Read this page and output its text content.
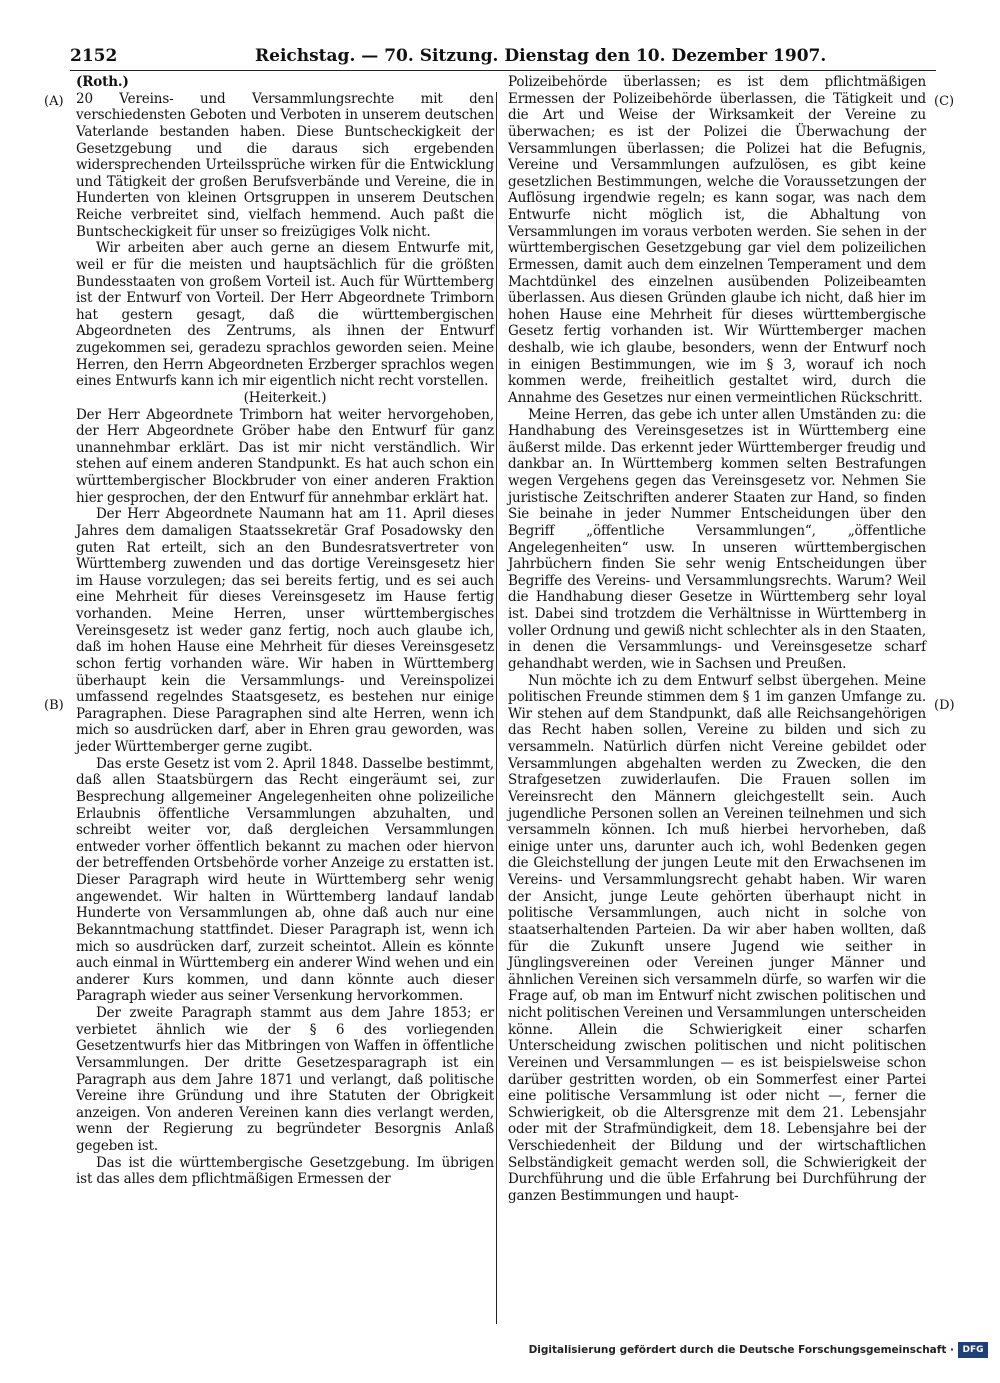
2152	Reichstag. — 70. Sitzung. Dienstag den 10. Dezember 1907.
(A)
(B)
(C)
(D)

(Roth.)

20 Vereins- und Versammlungsrechte mit den verschiedensten Geboten und Verboten in unserem deutschen Vaterlande bestanden haben. Diese Buntscheckigkeit der Gesetzgebung und die daraus sich ergebenden widersprechenden Urteilssprüche wirken für die Entwicklung und Tätigkeit der großen Berufsverbände und Vereine, die in Hunderten von kleinen Ortsgruppen in unserem Deutschen Reiche verbreitet sind, vielfach hemmend. Auch paßt die Buntscheckigkeit für unser so freizügiges Volk nicht.

Wir arbeiten aber auch gerne an diesem Entwurfe mit, weil er für die meisten und hauptsächlich für die größten Bundesstaaten von großem Vorteil ist. Auch für Württemberg ist der Entwurf von Vorteil. Der Herr Abgeordnete Trimborn hat gestern gesagt, daß die württembergischen Abgeordneten des Zentrums, als ihnen der Entwurf zugekommen sei, geradezu sprachlos geworden seien. Meine Herren, den Herrn Abgeordneten Erzberger sprachlos wegen eines Entwurfs kann ich mir eigentlich nicht recht vorstellen.

(Heiterkeit.)

Der Herr Abgeordnete Trimborn hat weiter hervorgehoben, der Herr Abgeordnete Gröber habe den Entwurf für ganz unannehmbar erklärt. Das ist mir nicht verständlich. Wir stehen auf einem anderen Standpunkt. Es hat auch schon ein württembergischer Blockbruder von einer anderen Fraktion hier gesprochen, der den Entwurf für annehmbar erklärt hat.

Der Herr Abgeordnete Naumann hat am 11. April dieses Jahres dem damaligen Staatssekretär Graf Posadowsky den guten Rat erteilt, sich an den Bundesratsvertreter von Württemberg zuwenden und das dortige Vereinsgesetz hier im Hause vorzulegen; das sei bereits fertig, und es sei auch eine Mehrheit für dieses Vereinsgesetz im Hause fertig vorhanden. Meine Herren, unser württembergisches Vereinsgesetz ist weder ganz fertig, noch auch glaube ich, daß im hohen Hause eine Mehrheit für dieses Vereinsgesetz schon fertig vorhanden wäre. Wir haben in Württemberg überhaupt kein die Versammlungs- und Vereinspolizei umfassend regelndes Staatsgesetz, es bestehen nur einige Paragraphen. Diese Paragraphen sind alte Herren, wenn ich mich so ausdrücken darf, aber in Ehren grau geworden, was jeder Württemberger gerne zugibt.

Das erste Gesetz ist vom 2. April 1848. Dasselbe bestimmt, daß allen Staatsbürgern das Recht eingeräumt sei, zur Besprechung allgemeiner Angelegenheiten ohne polizeiliche Erlaubnis öffentliche Versammlungen abzuhalten, und schreibt weiter vor, daß dergleichen Versammlungen entweder vorher öffentlich bekannt zu machen oder hiervon der betreffenden Ortsbehörde vorher Anzeige zu erstatten ist. Dieser Paragraph wird heute in Württemberg sehr wenig angewendet. Wir halten in Württemberg landauf landab Hunderte von Versammlungen ab, ohne daß auch nur eine Bekanntmachung stattfindet. Dieser Paragraph ist, wenn ich mich so ausdrücken darf, zurzeit scheintot. Allein es könnte auch einmal in Württemberg ein anderer Wind wehen und ein anderer Kurs kommen, und dann könnte auch dieser Paragraph wieder aus seiner Versenkung hervorkommen.

Der zweite Paragraph stammt aus dem Jahre 1853; er verbietet ähnlich wie der § 6 des vorliegenden Gesetzentwurfs hier das Mitbringen von Waffen in öffentliche Versammlungen. Der dritte Gesetzesparagraph ist ein Paragraph aus dem Jahre 1871 und verlangt, daß politische Vereine ihre Gründung und ihre Statuten der Obrigkeit anzeigen. Von anderen Vereinen kann dies verlangt werden, wenn der Regierung zu begründeter Besorgnis Anlaß gegeben ist.

Das ist die württembergische Gesetzgebung. Im übrigen ist das alles dem pflichtmäßigen Ermessen der

Polizeibehörde überlassen; es ist dem pflichtmäßigen Ermessen der Polizeibehörde überlassen, die Tätigkeit und die Art und Weise der Wirksamkeit der Vereine zu überwachen; es ist der Polizei die Überwachung der Versammlungen überlassen; die Polizei hat die Befugnis, Vereine und Versammlungen aufzulösen, es gibt keine gesetzlichen Bestimmungen, welche die Voraussetzungen der Auflösung irgendwie regeln; es kann sogar, was nach dem Entwurfe nicht möglich ist, die Abhaltung von Versammlungen im voraus verboten werden. Sie sehen in der württembergischen Gesetzgebung gar viel dem polizeilichen Ermessen, damit auch dem einzelnen Temperament und dem Machtdünkel des einzelnen ausübenden Polizeibeamten überlassen. Aus diesen Gründen glaube ich nicht, daß hier im hohen Hause eine Mehrheit für dieses württembergische Gesetz fertig vorhanden ist. Wir Württemberger machen deshalb, wie ich glaube, besonders, wenn der Entwurf noch in einigen Bestimmungen, wie im § 3, worauf ich noch kommen werde, freiheitlich gestaltet wird, durch die Annahme des Gesetzes nur einen vermeintlichen Rückschritt.

Meine Herren, das gebe ich unter allen Umständen zu: die Handhabung des Vereinsgesetzes ist in Württemberg eine äußerst milde. Das erkennt jeder Württemberger freudig und dankbar an. In Württemberg kommen selten Bestrafungen wegen Vergehens gegen das Vereinsgesetz vor. Nehmen Sie juristische Zeitschriften anderer Staaten zur Hand, so finden Sie beinahe in jeder Nummer Entscheidungen über den Begriff „öffentliche Versammlungen“, „öffentliche Angelegenheiten“ usw. In unseren württembergischen Jahrbüchern finden Sie sehr wenig Entscheidungen über Begriffe des Vereins- und Versammlungsrechts. Warum? Weil die Handhabung dieser Gesetze in Württemberg sehr loyal ist. Dabei sind trotzdem die Verhältnisse in Württemberg in voller Ordnung und gewiß nicht schlechter als in den Staaten, in denen die Versammlungs- und Vereinsgesetze scharf gehandhabt werden, wie in Sachsen und Preußen.

Nun möchte ich zu dem Entwurf selbst übergehen. Meine politischen Freunde stimmen dem § 1 im ganzen Umfange zu. Wir stehen auf dem Standpunkt, daß alle Reichsangehörigen das Recht haben sollen, Vereine zu bilden und sich zu versammeln. Natürlich dürfen nicht Vereine gebildet oder Versammlungen abgehalten werden zu Zwecken, die den Strafgesetzen zuwiderlaufen. Die Frauen sollen im Vereinsrecht den Männern gleichgestellt sein. Auch jugendliche Personen sollen an Vereinen teilnehmen und sich versammeln können. Ich muß hierbei hervorheben, daß einige unter uns, darunter auch ich, wohl Bedenken gegen die Gleichstellung der jungen Leute mit den Erwachsenen im Vereins- und Versammlungsrecht gehabt haben. Wir waren der Ansicht, junge Leute gehörten überhaupt nicht in politische Versammlungen, auch nicht in solche von staatserhaltenden Parteien. Da wir aber haben wollten, daß für die Zukunft unsere Jugend wie seither in Jünglingsvereinen oder Vereinen junger Männer und ähnlichen Vereinen sich versammeln dürfe, so warfen wir die Frage auf, ob man im Entwurf nicht zwischen politischen und nicht politischen Vereinen und Versammlungen unterscheiden könne. Allein die Schwierigkeit einer scharfen Unterscheidung zwischen politischen und nicht politischen Vereinen und Versammlungen — es ist beispielsweise schon darüber gestritten worden, ob ein Sommerfest einer Partei eine politische Versammlung ist oder nicht —, ferner die Schwierigkeit, ob die Altersgrenze mit dem 21. Lebensjahr oder mit der Strafmündigkeit, dem 18. Lebensjahre bei der Verschiedenheit der Bildung und der wirtschaftlichen Selbständigkeit gemacht werden soll, die Schwierigkeit der Durchführung und die üble Erfahrung bei Durchführung der ganzen Bestimmungen und haupt-

Digitalisierung gefördert durch die Deutsche Forschungsgemeinschaft · DFG
